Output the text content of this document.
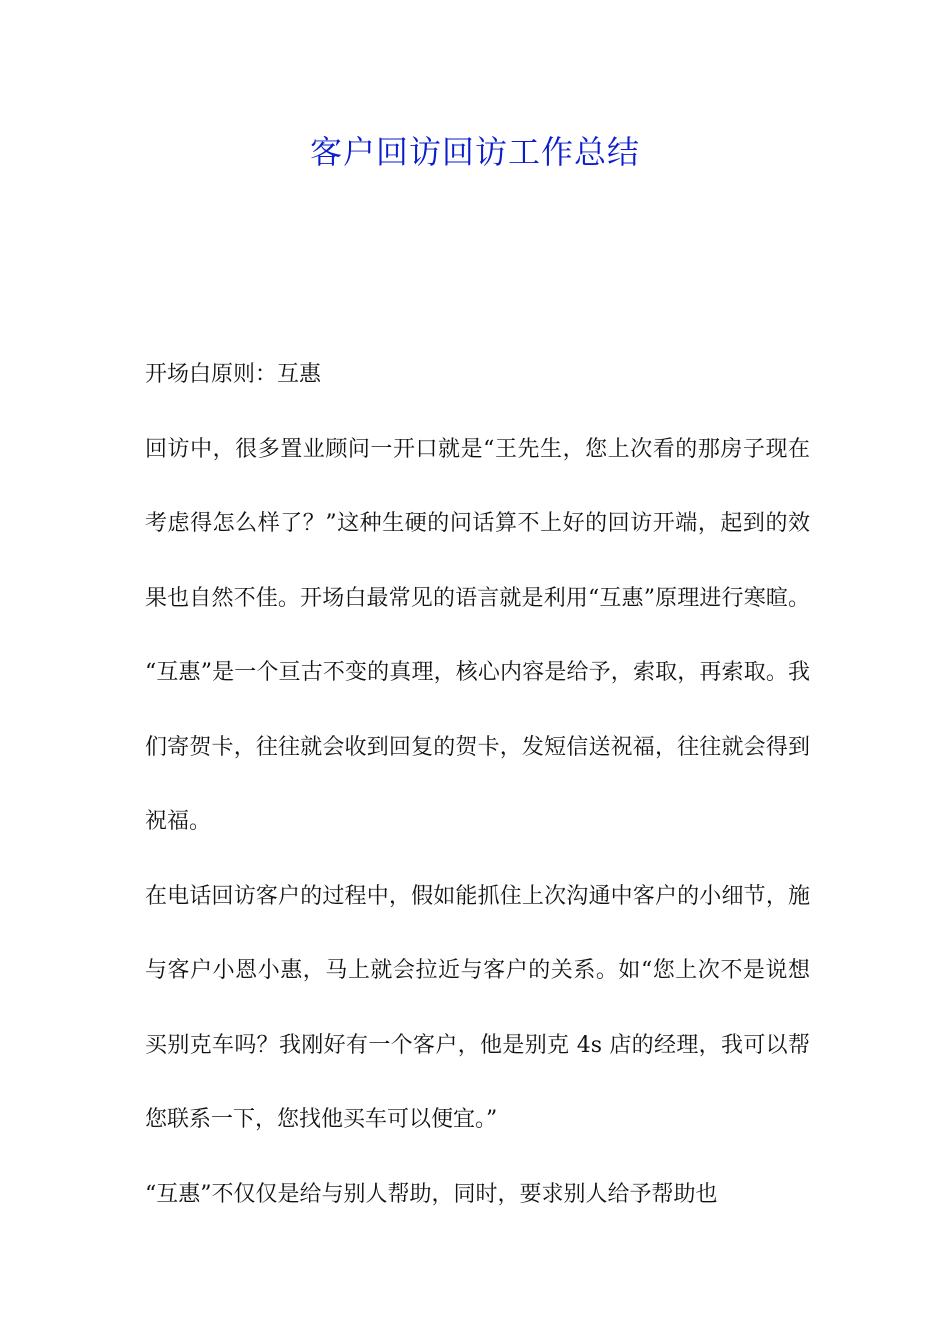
客户回访回访工作总结

开场白原则：互惠

回访中，很多置业顾问一开口就是“王先生，您上次看的那房子现在考虑得怎么样了？”这种生硬的问话算不上好的回访开端，起到的效果也自然不佳。开场白最常见的语言就是利用“互惠”原理进行寒暄。 “互惠”是一个亘古不变的真理，核心内容是给予，索取，再索取。我们寄贺卡，往往就会收到回复的贺卡，发短信送祝福，往往就会得到祝福。

在电话回访客户的过程中，假如能抓住上次沟通中客户的小细节，施与客户小恩小惠，马上就会拉近与客户的关系。如“您上次不是说想买别克车吗？我刚好有一个客户，他是别克 4s 店的经理，我可以帮您联系一下，您找他买车可以便宜。”

“互惠”不仅仅是给与别人帮助，同时，要求别人给予帮助也
